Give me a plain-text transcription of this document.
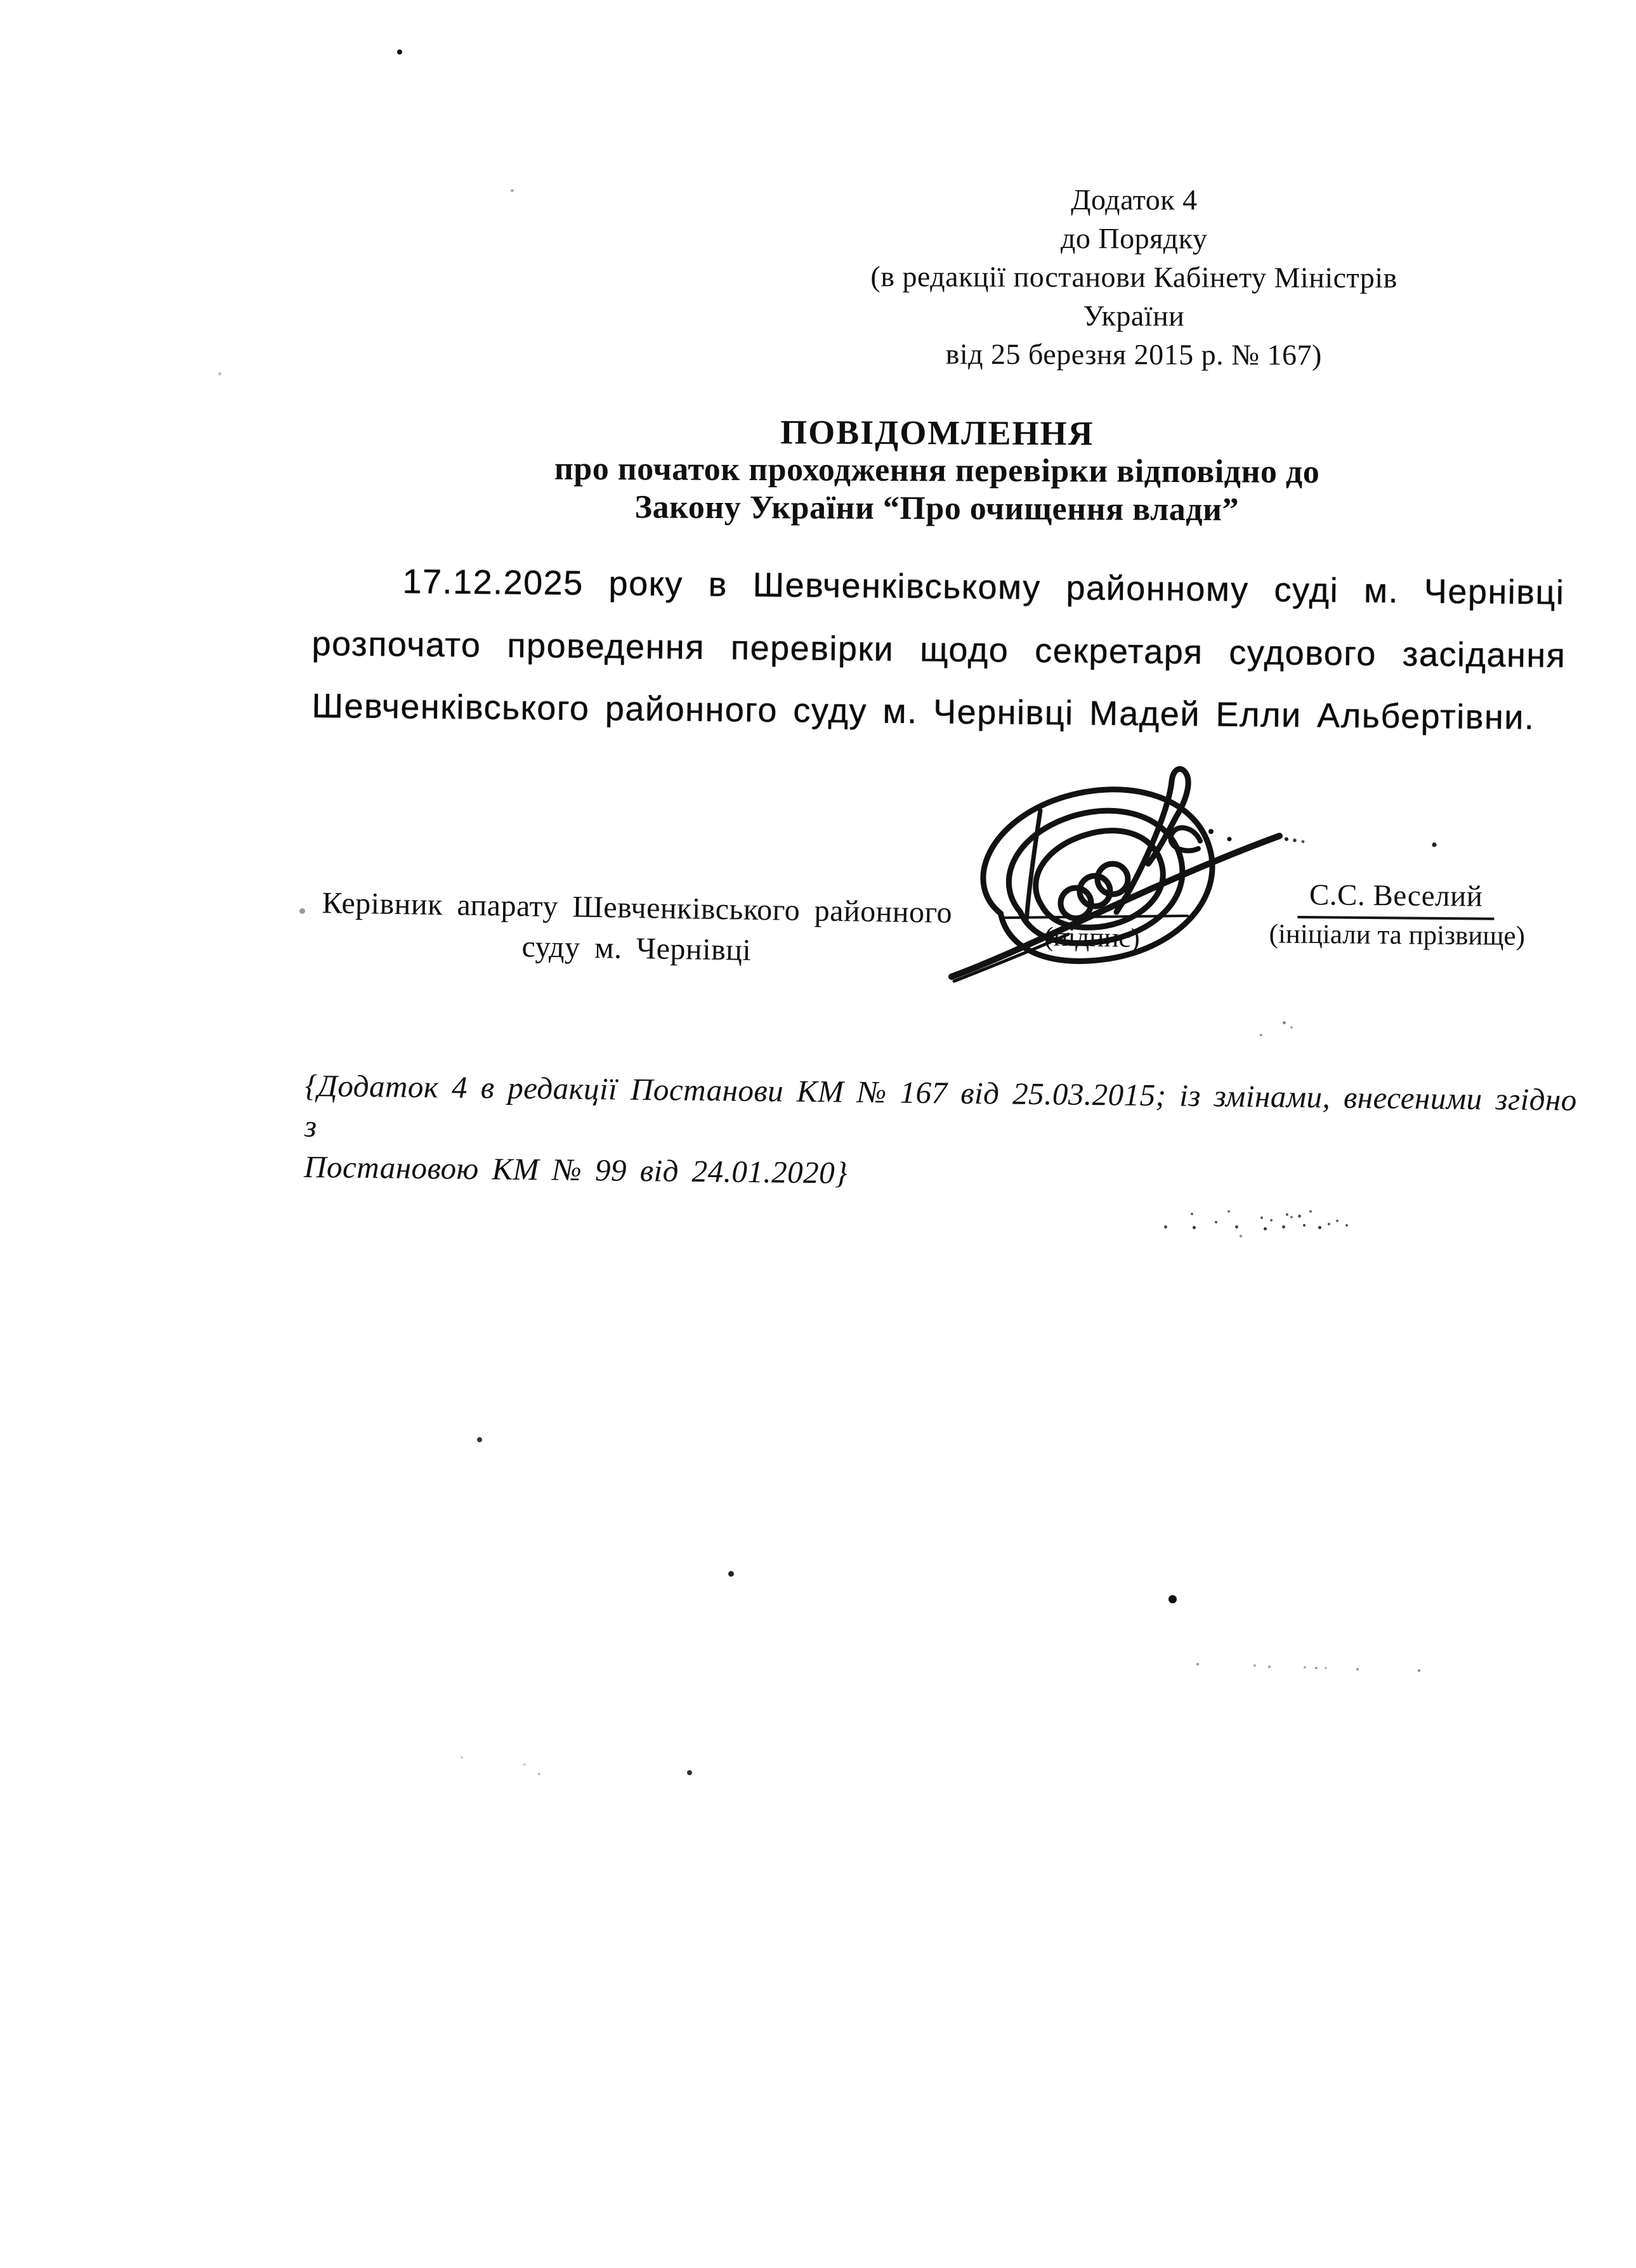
Додаток 4
до Порядку
(в редакції постанови Кабінету Міністрів України
від 25 березня 2015 р. № 167)
ПОВІДОМЛЕННЯ
про початок проходження перевірки відповідно до
Закону України “Про очищення влади”
17.12.2025 року в Шевченківському районному суді м. Чернівці
розпочато проведення перевірки щодо секретаря судового засідання
Шевченківського районного суду м. Чернівці Мадей Елли Альбертівни.
Керівник апарату Шевченківського районного
суду м. Чернівці	(підпис)
С.С. Веселий
(ініціали та прізвище)
{Додаток 4 в редакції Постанови КМ № 167 від 25.03.2015; із змінами, внесеними згідно з
Постановою КМ № 99 від 24.01.2020}
